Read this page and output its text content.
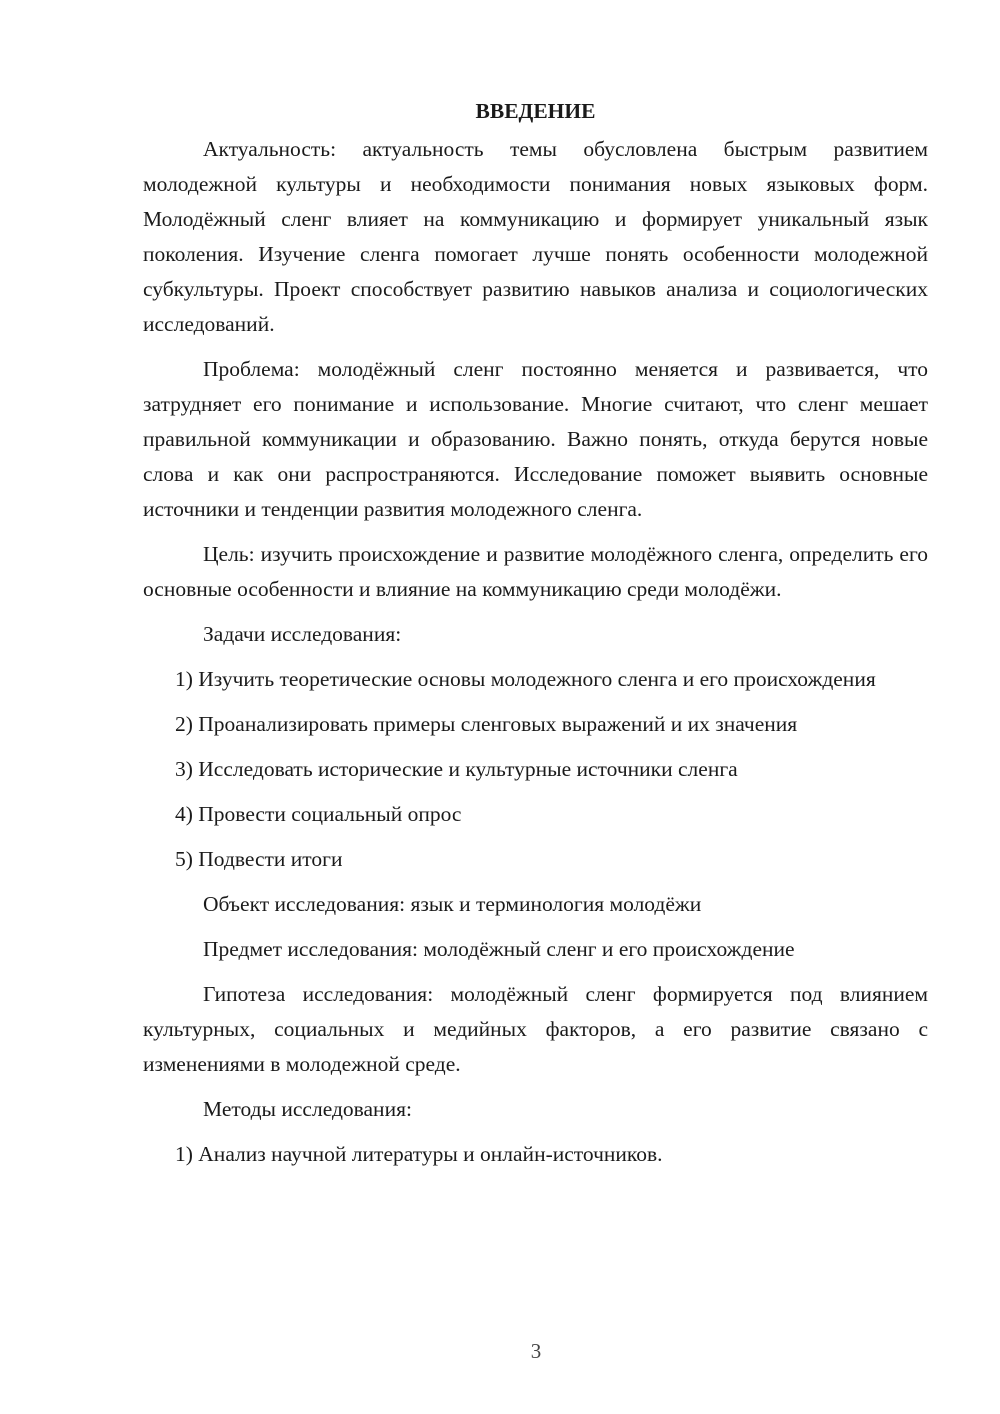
ВВЕДЕНИЕ

Актуальность: актуальность темы обусловлена быстрым развитием молодежной культуры и необходимости понимания новых языковых форм. Молодёжный сленг влияет на коммуникацию и формирует уникальный язык поколения. Изучение сленга помогает лучше понять особенности молодежной субкультуры. Проект способствует развитию навыков анализа и социологических исследований.

Проблема: молодёжный сленг постоянно меняется и развивается, что затрудняет его понимание и использование. Многие считают, что сленг мешает правильной коммуникации и образованию. Важно понять, откуда берутся новые слова и как они распространяются. Исследование поможет выявить основные источники и тенденции развития молодежного сленга.

Цель: изучить происхождение и развитие молодёжного сленга, определить его основные особенности и влияние на коммуникацию среди молодёжи.

Задачи исследования:

1) Изучить теоретические основы молодежного сленга и его происхождения

2) Проанализировать примеры сленговых выражений и их значения

3) Исследовать исторические и культурные источники сленга

4) Провести социальный опрос

5) Подвести итоги

Объект исследования: язык и терминология молодёжи

Предмет исследования: молодёжный сленг и его происхождение

Гипотеза исследования: молодёжный сленг формируется под влиянием культурных, социальных и медийных факторов, а его развитие связано с изменениями в молодежной среде.

Методы исследования:

1) Анализ научной литературы и онлайн-источников.

3
